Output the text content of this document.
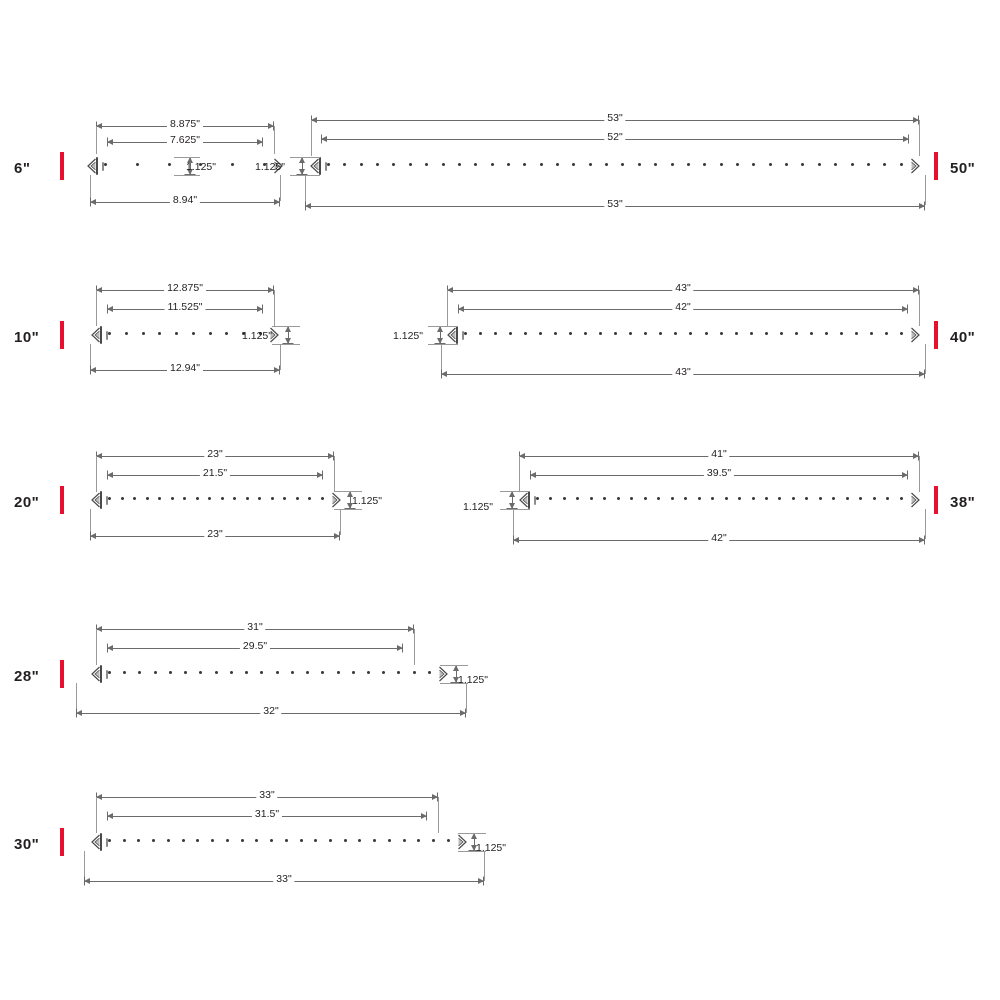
6"
8.875"
7.625"
1.125"
8.94"
50"
53"
52"
1.125"
53"
10"
12.875"
11.525"
1.125"
12.94"
40"
43"
42"
1.125"
43"
20"
23"
21.5"
1.125"
23"
38"
41"
39.5"
1.125"
42"
28"
31"
29.5"
1.125"
32"
30"
33"
31.5"
1.125"
33"
